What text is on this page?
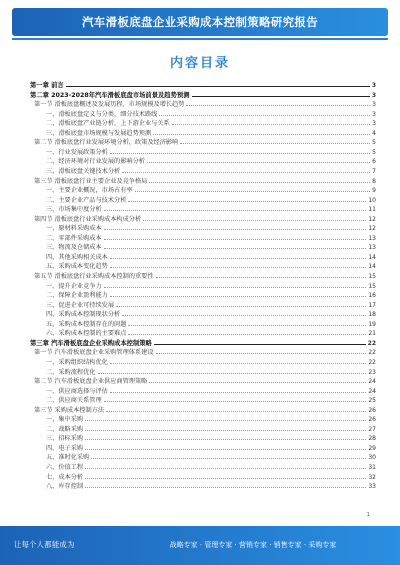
汽车滑板底盘企业采购成本控制策略研究报告
内容目录
第一章 前言	3
第二章 2023-2028年汽车滑板底盘市场前景及趋势预测	3
第一节 滑板底盘概述及发展历程，市场规模及增长趋势	3
一、滑板底盘定义与分类，细分技术路线	3
二、滑板底盘产业链分析，上下游企业与关系	3
三、滑板底盘市场规模与发展趋势预测	4
第二节 滑板底盘行业发展环境分析，政策及经济影响	5
一、行业发展政策分析	5
二、经济环境对行业发展的影响分析	6
三、滑板底盘关键技术分析	7
第三节 滑板底盘行业主要企业及竞争格局	8
一、主要企业概况，市场占有率	9
二、主要企业产品与技术分析	10
三、市场集中度分析	11
第四节 滑板底盘行业采购成本构成分析	12
一、原材料采购成本	12
二、零部件采购成本	13
三、物流及仓储成本	13
四、其他采购相关成本	14
五、采购成本变化趋势	14
第五节 滑板底盘行业采购成本控制的重要性	15
一、提升企业竞争力	15
二、保障企业盈利能力	16
三、促进企业可持续发展	17
四、采购成本控制现状分析	18
五、采购成本控制存在的问题	19
六、采购成本控制的主要难点	21
第三章 汽车滑板底盘企业采购成本控制策略	22
第一节 汽车滑板底盘企业采购管理体系建设	22
一、采购组织结构优化	22
二、采购流程优化	23
第二节 汽车滑板底盘企业供应商管理策略	24
一、供应商选择与评估	24
二、供应商关系管理	25
第三节 采购成本控制方法	26
一、集中采购	26
二、战略采购	27
三、招标采购	28
四、电子采购	29
五、准时化采购	30
六、价值工程	31
七、成本分析	32
八、库存控制	33
1
让每个人都能成为	战略专家 · 管理专家 · 营销专家 · 销售专家 · 采购专家
